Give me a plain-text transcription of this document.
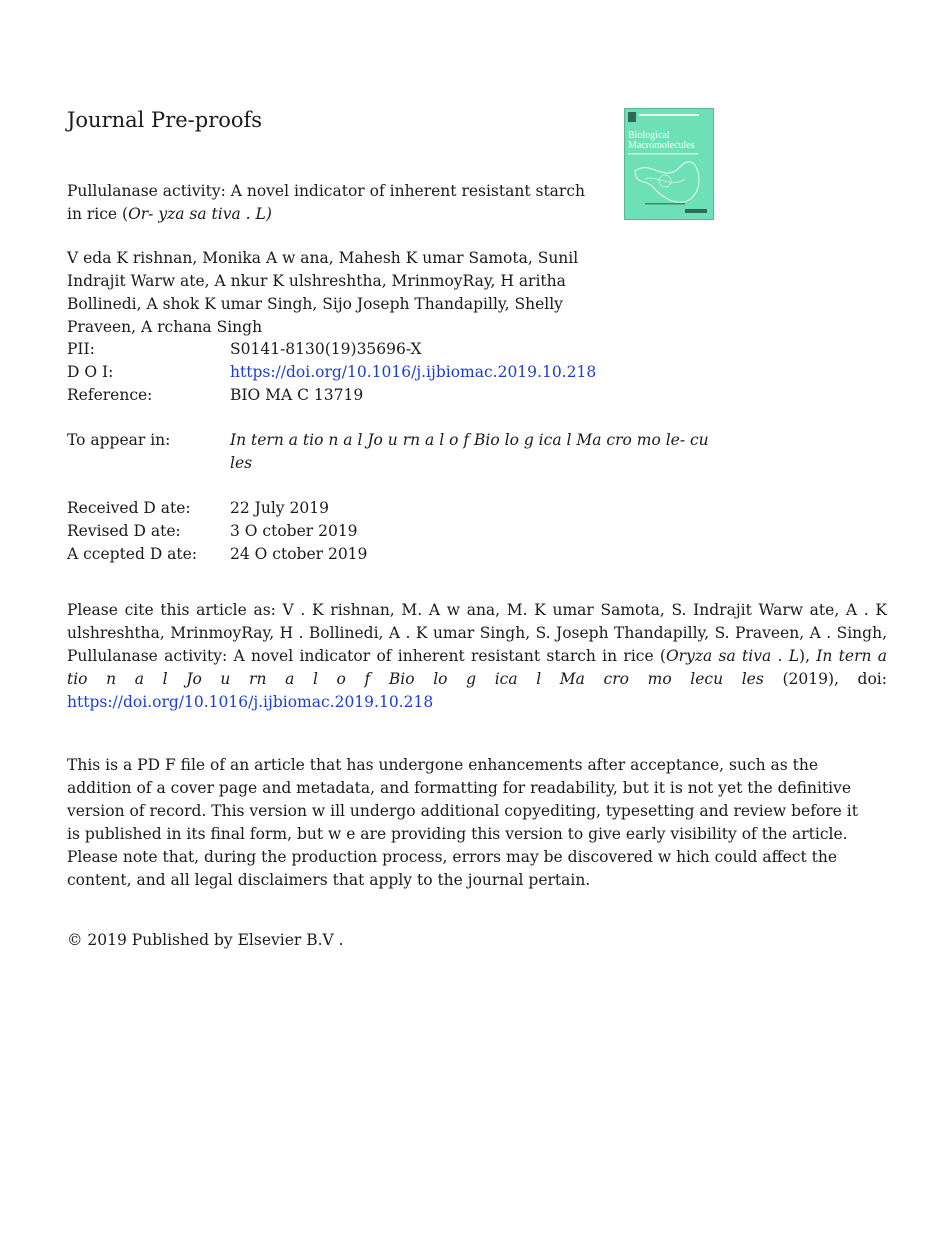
Journal Pre-proofs
Biological
Macromolecules
Pullulanase activity: A novel indicator of inherent resistant starch in rice (Or- yza sa tiva . L)
V eda K rishnan, Monika A w ana, Mahesh K umar Samota, Sunil Indrajit Warw ate, A nkur K ulshreshtha, MrinmoyRay, H aritha Bollinedi, A shok K umar Singh, Sijo Joseph Thandapilly, Shelly Praveen, A rchana Singh
PII:	S0141-8130(19)35696-X
D O I:	https://doi.org/10.1016/j.ijbiomac.2019.10.218
Reference:	BIO MA C 13719
To appear in:	In tern a tio n a l Jo u rn a l o f Bio lo g ica l Ma cro mo le- cu les
Received D ate:	22 July 2019
Revised D ate:	3 O ctober 2019
A ccepted D ate: 24 O ctober 2019
Please cite this article as: V . K rishnan, M. A w ana, M. K umar Samota, S. Indrajit Warw ate, A . K ulshreshtha, MrinmoyRay, H . Bollinedi, A . K umar Singh, S. Joseph Thandapilly, S. Praveen, A . Singh, Pullulanase activity: A novel indicator of inherent resistant starch in rice (Oryza sa tiva . L), In tern a tio n a l Jo u rn a l o f Bio lo g ica l Ma cro mo lecu les (2019), doi: https://doi.org/10.1016/j.ijbiomac.2019.10.218
This is a PD F file of an article that has undergone enhancements after acceptance, such as the addition of a cover page and metadata, and formatting for readability, but it is not yet the definitive version of record. This version w ill undergo additional copyediting, typesetting and review before it is published in its final form, but w e are providing this version to give early visibility of the article. Please note that, during the production process, errors may be discovered w hich could affect the content, and all legal disclaimers that apply to the journal pertain.
© 2019 Published by Elsevier B.V .
